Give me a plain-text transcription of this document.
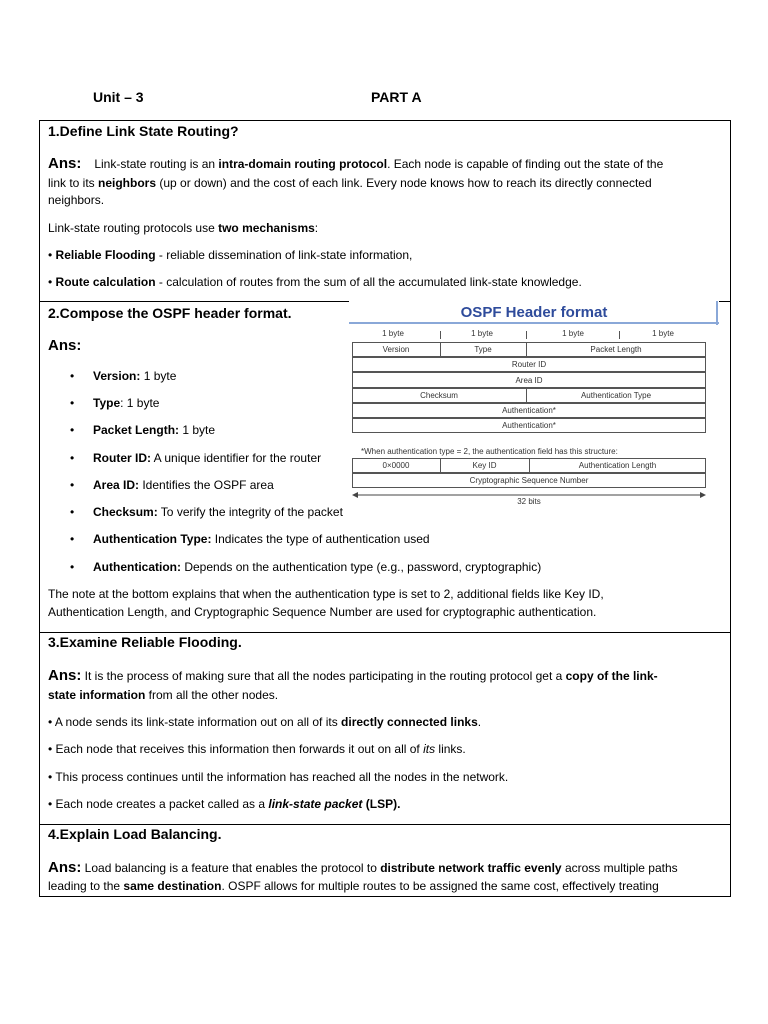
Unit – 3	PART A
1.Define Link State Routing?
Ans: Link-state routing is an intra-domain routing protocol. Each node is capable of finding out the state of the
link to its neighbors (up or down) and the cost of each link. Every node knows how to reach its directly connected
neighbors.
Link-state routing protocols use two mechanisms:
• Reliable Flooding - reliable dissemination of link-state information,
• Route calculation - calculation of routes from the sum of all the accumulated link-state knowledge.
2.Compose the OSPF header format.
Ans:
• Version: 1 byte
• Type: 1 byte
• Packet Length: 1 byte
• Router ID: A unique identifier for the router
• Area ID: Identifies the OSPF area
• Checksum: To verify the integrity of the packet
• Authentication Type: Indicates the type of authentication used
• Authentication: Depends on the authentication type (e.g., password, cryptographic)
The note at the bottom explains that when the authentication type is set to 2, additional fields like Key ID,
Authentication Length, and Cryptographic Sequence Number are used for cryptographic authentication.
3.Examine Reliable Flooding.
Ans: It is the process of making sure that all the nodes participating in the routing protocol get a copy of the link-
state information from all the other nodes.
• A node sends its link-state information out on all of its directly connected links.
• Each node that receives this information then forwards it out on all of its links.
• This process continues until the information has reached all the nodes in the network.
• Each node creates a packet called as a link-state packet (LSP).
4.Explain Load Balancing.
Ans: Load balancing is a feature that enables the protocol to distribute network traffic evenly across multiple paths
leading to the same destination. OSPF allows for multiple routes to be assigned the same cost, effectively treating
OSPF Header format
1 byte	1 byte	1 byte	1 byte
Version	Type	Packet Length
Router ID
Area ID
Checksum	Authentication Type
Authentication*
Authentication*
*When authentication type = 2, the authentication field has this structure:
0×0000	Key ID	Authentication Length
Cryptographic Sequence Number
32 bits
